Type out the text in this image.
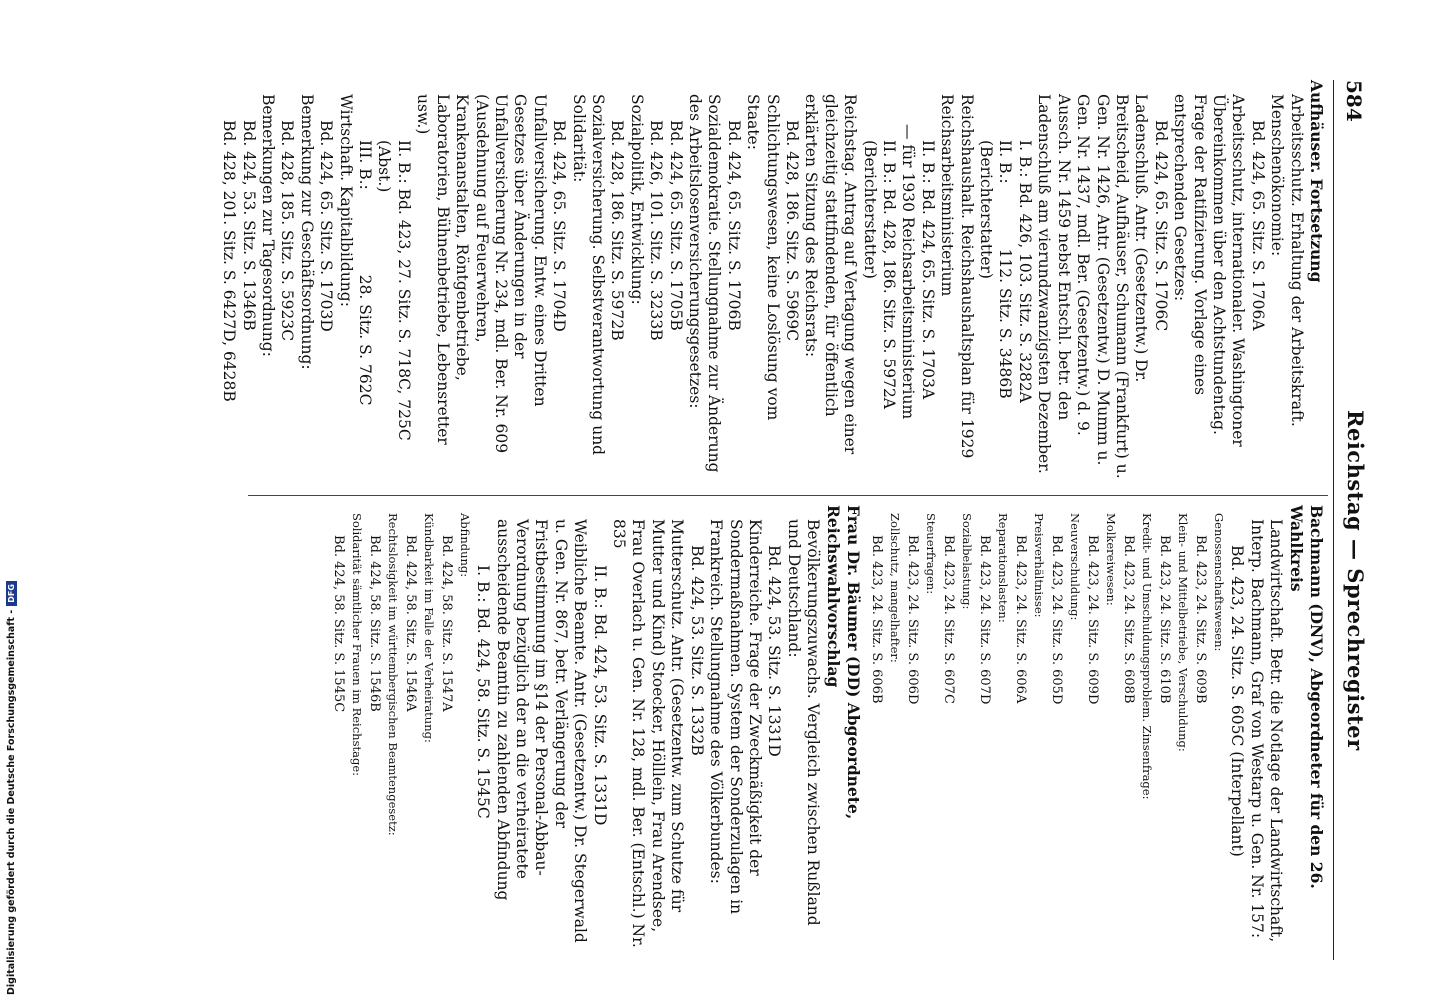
584
Reichstag — Sprechregister

Aufhäuser. Fortsetzung

Arbeitsschutz. Erhaltung der Arbeitskraft. Menschenökonomie:

Bd. 424, 65. Sitz. S. 1706A

Arbeitsschutz, internationaler. Washingtoner Übereinkommen über den Achtstundentag. Frage der Ratifizierung. Vorlage eines entsprechenden Gesetzes:

Bd. 424, 65. Sitz. S. 1706C

Ladenschluß. Antr. (Gesetzentw.) Dr. Breitscheid, Aufhäuser, Schumann (Frankfurt) u. Gen. Nr. 1426, Antr. (Gesetzentw.) D. Mumm u. Gen. Nr. 1437, mdl. Ber. (Gesetzentw.) d. 9. Aussch. Nr. 1459 nebst Entschl. betr. den Ladenschluß am vierundzwanzigsten Dezember.

I. B.: Bd. 426, 103. Sitz. S. 3282A

II. B.: 112. Sitz. S. 3486B (Berichterstatter)

Reichshaushalt. Reichshaushaltsplan für 1929 Reichsarbeitsministerium

II. B.: Bd. 424, 65. Sitz. S. 1703A

— für 1930 Reichsarbeitsministerium

II. B.: Bd. 428, 186. Sitz. S. 5972A (Berichterstatter)

Reichstag. Antrag auf Vertagung wegen einer gleichzeitig stattfindenden, für öffentlich erklärten Sitzung des Reichsrats:

Bd. 428, 186. Sitz. S. 5969C

Schlichtungswesen, keine Loslösung vom Staate:

Bd. 424, 65. Sitz. S. 1706B

Sozialdemokratie. Stellungnahme zur Änderung des Arbeitslosenversicherungsgesetzes:

Bd. 424, 65. Sitz. S. 1705B

Bd. 426, 101. Sitz. S. 3233B

Sozialpolitik, Entwicklung:

Bd. 428, 186. Sitz. S. 5972B

Sozialversicherung. Selbstverantwortung und Solidarität:

Bd. 424, 65. Sitz. S. 1704D

Unfallversicherung. Entw. eines Dritten Gesetzes über Änderungen in der Unfallversicherung Nr. 234, mdl. Ber. Nr. 609 (Ausdehnung auf Feuerwehren, Krankenanstalten, Röntgenbetriebe, Laboratorien, Bühnenbetriebe, Lebensretter usw.)

II. B.: Bd. 423, 27. Sitz. S. 718C, 725C (Abst.)

III. B.: 28. Sitz. S. 762C

Wirtschaft. Kapitalbildung:

Bd. 424, 65. Sitz. S. 1703D

Bemerkung zur Geschäftsordnung:

Bd. 428, 185. Sitz. S. 5923C

Bemerkungen zur Tagesordnung:

Bd. 424, 53. Sitz. S. 1346B

Bd. 428, 201. Sitz. S. 6427D, 6428B

Bachmann (DNV), Abgeordneter für den 26. Wahlkreis

Landwirtschaft. Betr. die Notlage der Landwirtschaft, Interp. Bachmann, Graf von Westarp u. Gen. Nr. 157:

Bd. 423, 24. Sitz. S. 605C (Interpellant)

Genossenschaftswesen:

Bd. 423, 24. Sitz. S. 609B

Klein- und Mittelbetriebe, Verschuldung:

Bd. 423, 24. Sitz. S. 610B

Kredit- und Umschuldungsproblem. Zinsenfrage:

Bd. 423, 24. Sitz. S. 608B

Molkereiwesen:

Bd. 423, 24. Sitz. S. 609D

Neuverschuldung:

Bd. 423, 24. Sitz. S. 605D

Preisverhältnisse:

Bd. 423, 24. Sitz. S. 606A

Reparationslasten:

Bd. 423, 24. Sitz. S. 607D

Sozialbelastung:

Bd. 423, 24. Sitz. S. 607C

Steuerfragen:

Bd. 423, 24. Sitz. S. 606D

Zollschutz, mangelhafter:

Bd. 423, 24. Sitz. S. 606B

Frau Dr. Bäumer (DD) Abgeordnete, Reichswahlvorschlag

Bevölkerungszuwachs. Vergleich zwischen Rußland und Deutschland:

Bd. 424, 53. Sitz. S. 1331D

Kinderreiche. Frage der Zweckmäßigkeit der Sondermaßnahmen. System der Sonderzulagen in Frankreich. Stellungnahme des Völkerbundes:

Bd. 424, 53. Sitz. S. 1332B

Mutterschutz. Antr. (Gesetzentw. zum Schutze für Mutter und Kind) Stoecker, Hölllein, Frau Arendsee, Frau Overlach u. Gen. Nr. 128, mdl. Ber. (Entschl.) Nr. 835

II. B.: Bd. 424, 53. Sitz. S. 1331D

Weibliche Beamte. Antr. (Gesetzentw.) Dr. Stegerwald u. Gen. Nr. 867, betr. Verlängerung der Fristbestimmung im §14 der Personal-Abbau-Verordnung bezüglich der an die verheiratete ausscheidende Beamtin zu zahlenden Abfindung

I. B.: Bd. 424, 58. Sitz. S. 1545C

Abfindung:

Bd. 424, 58. Sitz. S. 1547A

Kündbarkeit im Falle der Verheiratung:

Bd. 424, 58. Sitz. S. 1546A

Rechtslosigkeit im württembergischen Beamtengesetz:

Bd. 424, 58. Sitz. S. 1546B

Solidarität sämtlicher Frauen im Reichstage:

Bd. 424, 58. Sitz. S. 1545C

Digitalisierung gefördert durch die Deutsche Forschungsgemeinschaft -DFG
